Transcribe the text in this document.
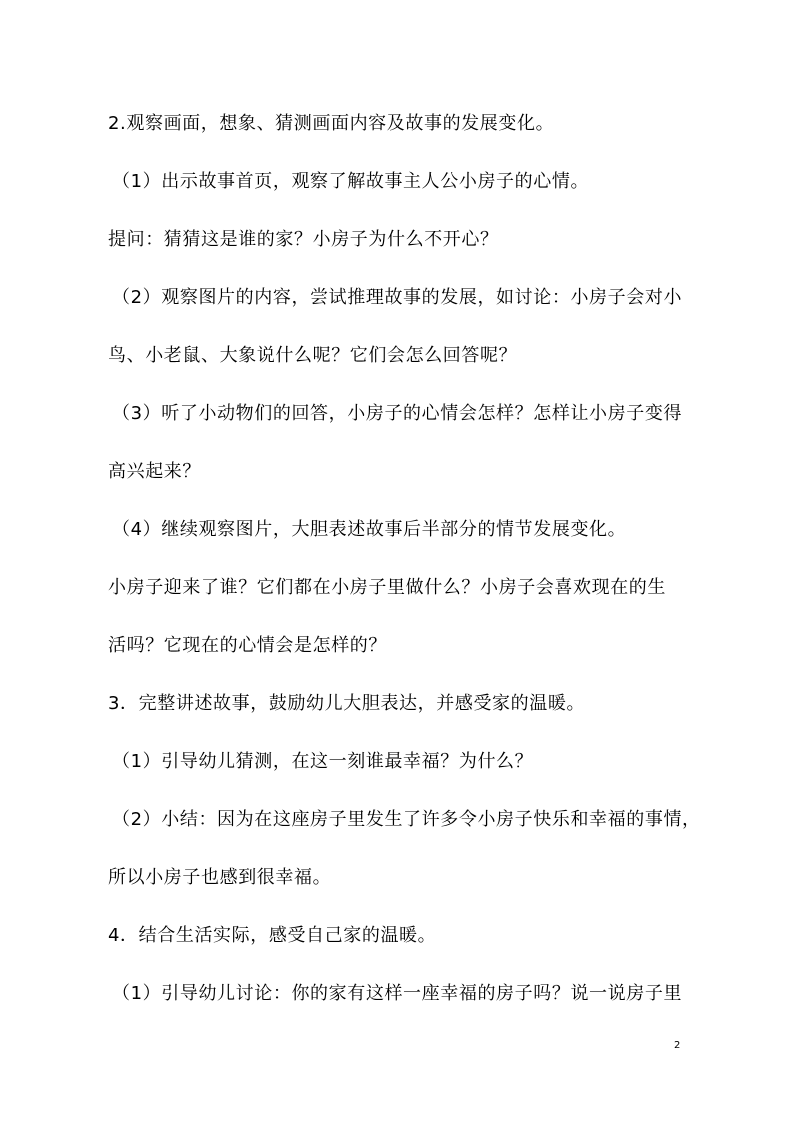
2.观察画面，想象、猜测画面内容及故事的发展变化。
（1）出示故事首页，观察了解故事主人公小房子的心情。
提问：猜猜这是谁的家？小房子为什么不开心？
（2）观察图片的内容，尝试推理故事的发展，如讨论：小房子会对小
鸟、小老鼠、大象说什么呢？它们会怎么回答呢？
（3）听了小动物们的回答，小房子的心情会怎样？怎样让小房子变得
高兴起来？
（4）继续观察图片，大胆表述故事后半部分的情节发展变化。
小房子迎来了谁？它们都在小房子里做什么？小房子会喜欢现在的生
活吗？它现在的心情会是怎样的？
3．完整讲述故事，鼓励幼儿大胆表达，并感受家的温暖。
（1）引导幼儿猜测，在这一刻谁最幸福？为什么？
（2）小结：因为在这座房子里发生了许多令小房子快乐和幸福的事情，
所以小房子也感到很幸福。
4．结合生活实际，感受自己家的温暖。
（1）引导幼儿讨论：你的家有这样一座幸福的房子吗？说一说房子里
2
